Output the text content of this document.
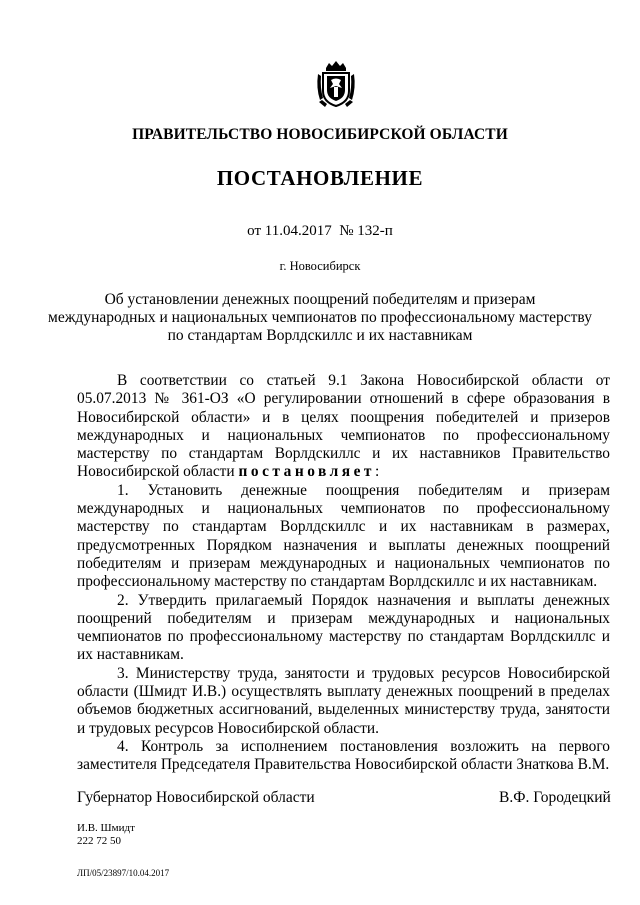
ПРАВИТЕЛЬСТВО НОВОСИБИРСКОЙ ОБЛАСТИ
ПОСТАНОВЛЕНИЕ
от 11.04.2017 № 132-п
г. Новосибирск
Об установлении денежных поощрений победителям и призерам
международных и национальных чемпионатов по профессиональному мастерству
по стандартам Ворлдскиллс и их наставникам

В соответствии со статьей 9.1 Закона Новосибирской области от 05.07.2013 № 361-ОЗ «О регулировании отношений в сфере образования в Новосибирской области» и в целях поощрения победителей и призеров международных и национальных чемпионатов по профессиональному мастерству по стандартам Ворлдскиллс и их наставников Правительство Новосибирской области постановляет:

1. Установить денежные поощрения победителям и призерам международных и национальных чемпионатов по профессиональному мастерству по стандартам Ворлдскиллс и их наставникам в размерах, предусмотренных Порядком назначения и выплаты денежных поощрений победителям и призерам международных и национальных чемпионатов по профессиональному мастерству по стандартам Ворлдскиллс и их наставникам.

2. Утвердить прилагаемый Порядок назначения и выплаты денежных поощрений победителям и призерам международных и национальных чемпионатов по профессиональному мастерству по стандартам Ворлдскиллс и их наставникам.

3. Министерству труда, занятости и трудовых ресурсов Новосибирской области (Шмидт И.В.) осуществлять выплату денежных поощрений в пределах объемов бюджетных ассигнований, выделенных министерству труда, занятости и трудовых ресурсов Новосибирской области.

4. Контроль за исполнением постановления возложить на первого заместителя Председателя Правительства Новосибирской области Знаткова В.М.

Губернатор Новосибирской области	В.Ф. Городецкий
И.В. Шмидт
222 72 50
ЛП/05/23897/10.04.2017
